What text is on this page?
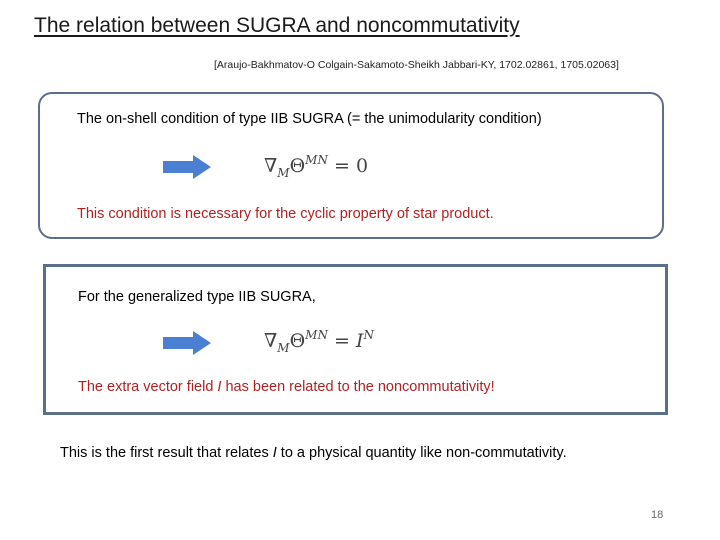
The relation between SUGRA and noncommutativity
[Araujo-Bakhmatov-O Colgain-Sakamoto-Sheikh Jabbari-KY, 1702.02861, 1705.02063]
The on-shell condition of type IIB SUGRA (= the unimodularity condition)
$\nabla_M\Theta^{MN} = 0$
This condition is necessary for the cyclic property of star product.
For the generalized type IIB SUGRA,
$\nabla_M\Theta^{MN} = I^N$
The extra vector field I has been related to the noncommutativity!
This is the first result that relates I to a physical quantity like non-commutativity.
18
